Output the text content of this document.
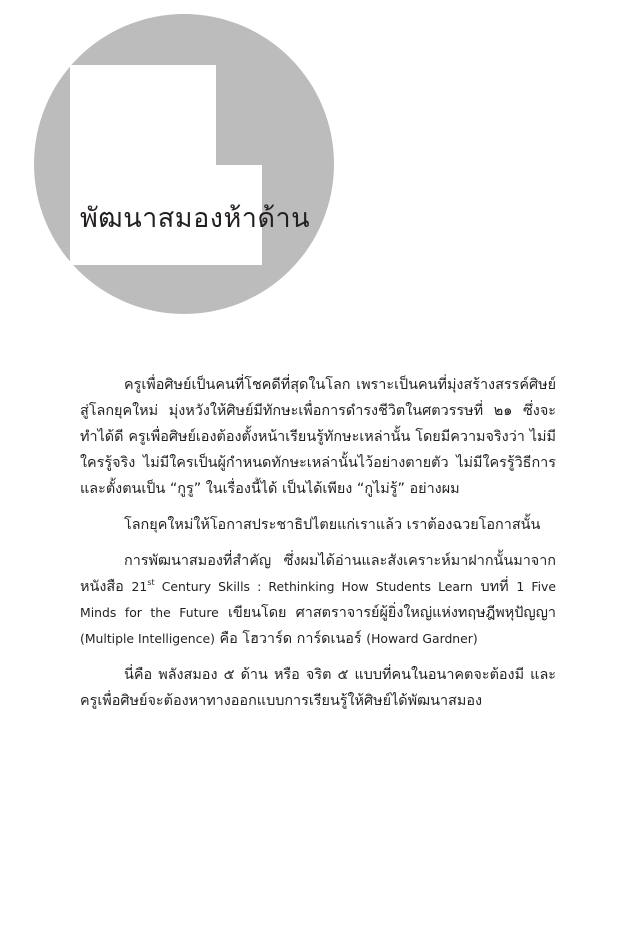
พัฒนาสมองห้าด้าน

ครูเพื่อศิษย์เป็นคนที่โชคดีที่สุดในโลก เพราะเป็นคนที่มุ่งสร้างสรรค์ศิษย์สู่โลกยุคใหม่ มุ่งหวังให้ศิษย์มีทักษะเพื่อการดำรงชีวิตในศตวรรษที่ ๒๑ ซึ่งจะทำได้ดี ครูเพื่อศิษย์เองต้องตั้งหน้าเรียนรู้ทักษะเหล่านั้น โดยมีความจริงว่า ไม่มีใครรู้จริง ไม่มีใครเป็นผู้กำหนดทักษะเหล่านั้นไว้อย่างตายตัว ไม่มีใครรู้วิธีการและตั้งตนเป็น “กูรู” ในเรื่องนี้ได้ เป็นได้เพียง “กูไม่รู้” อย่างผม

โลกยุคใหม่ให้โอกาสประชาธิปไตยแก่เราแล้ว เราต้องฉวยโอกาสนั้น

การพัฒนาสมองที่สำคัญ ซึ่งผมได้อ่านและสังเคราะห์มาฝากนั้นมาจากหนังสือ 21st Century Skills : Rethinking How Students Learn บทที่ 1 Five Minds for the Future เขียนโดย ศาสตราจารย์ผู้ยิ่งใหญ่แห่งทฤษฎีพหุปัญญา (Multiple Intelligence) คือ โฮวาร์ด การ์ดเนอร์ (Howard Gardner)

นี่คือ พลังสมอง ๕ ด้าน หรือ จริต ๕ แบบที่คนในอนาคตจะต้องมี และครูเพื่อศิษย์จะต้องหาทางออกแบบการเรียนรู้ให้ศิษย์ได้พัฒนาสมอง
